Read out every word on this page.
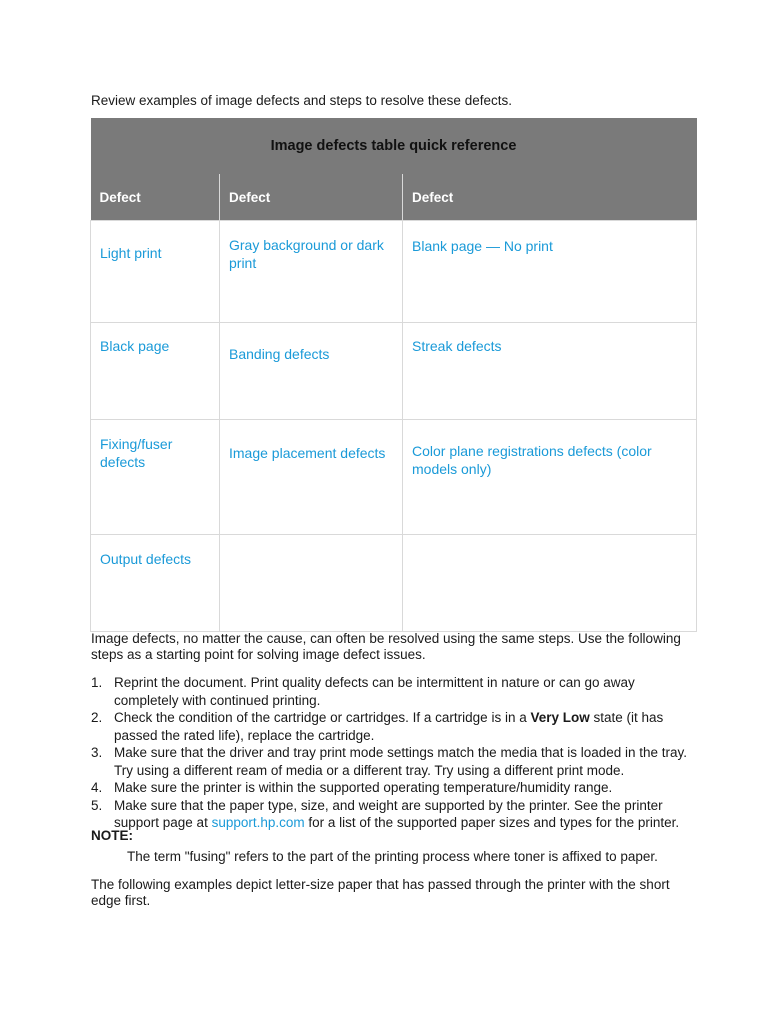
Review examples of image defects and steps to resolve these defects.

Image defects table quick reference		
Defect	Defect	Defect

Light print	Gray background or dark print	Blank page — No print

Black page	Banding defects	Streak defects

Fixing/fuser defects	Image placement defects	Color plane registrations defects (color models only)

Output defects		

Image defects, no matter the cause, can often be resolved using the same steps. Use the following steps as a starting point for solving image defect issues.

1. Reprint the document. Print quality defects can be intermittent in nature or can go away completely with continued printing.
2. Check the condition of the cartridge or cartridges. If a cartridge is in a Very Low state (it has passed the rated life), replace the cartridge.
3. Make sure that the driver and tray print mode settings match the media that is loaded in the tray. Try using a different ream of media or a different tray. Try using a different print mode.
4. Make sure the printer is within the supported operating temperature/humidity range.
5. Make sure that the paper type, size, and weight are supported by the printer. See the printer support page at support.hp.com for a list of the supported paper sizes and types for the printer.

NOTE:

The term "fusing" refers to the part of the printing process where toner is affixed to paper.

The following examples depict letter-size paper that has passed through the printer with the short edge first.
